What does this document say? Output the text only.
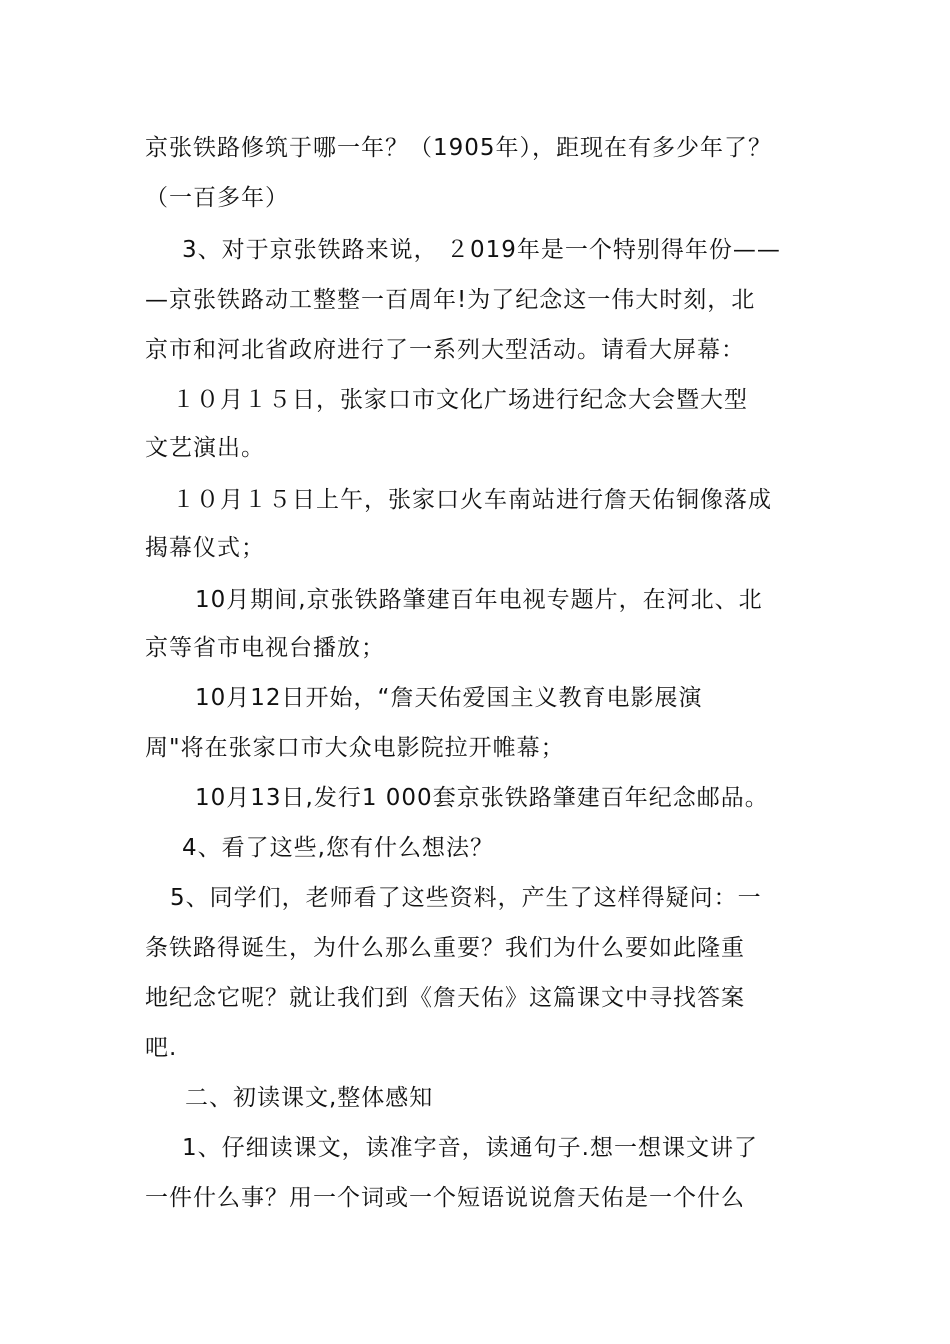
京张铁路修筑于哪一年？（1905年），距现在有多少年了？
（一百多年）
3、对于京张铁路来说， ２019年是一个特别得年份——
—京张铁路动工整整一百周年!为了纪念这一伟大时刻，北
京市和河北省政府进行了一系列大型活动。请看大屏幕：
１０月１５日，张家口市文化广场进行纪念大会暨大型
文艺演出。
１０月１５日上午，张家口火车南站进行詹天佑铜像落成
揭幕仪式；
10月期间,京张铁路肇建百年电视专题片，在河北、北
京等省市电视台播放；
10月12日开始，“詹天佑爱国主义教育电影展演
周"将在张家口市大众电影院拉开帷幕；
10月13日,发行1 000套京张铁路肇建百年纪念邮品。
4、看了这些,您有什么想法？
5、同学们，老师看了这些资料，产生了这样得疑问：一
条铁路得诞生，为什么那么重要？我们为什么要如此隆重
地纪念它呢？就让我们到《詹天佑》这篇课文中寻找答案
吧.
二、初读课文,整体感知
1、仔细读课文，读准字音，读通句子.想一想课文讲了
一件什么事？用一个词或一个短语说说詹天佑是一个什么
